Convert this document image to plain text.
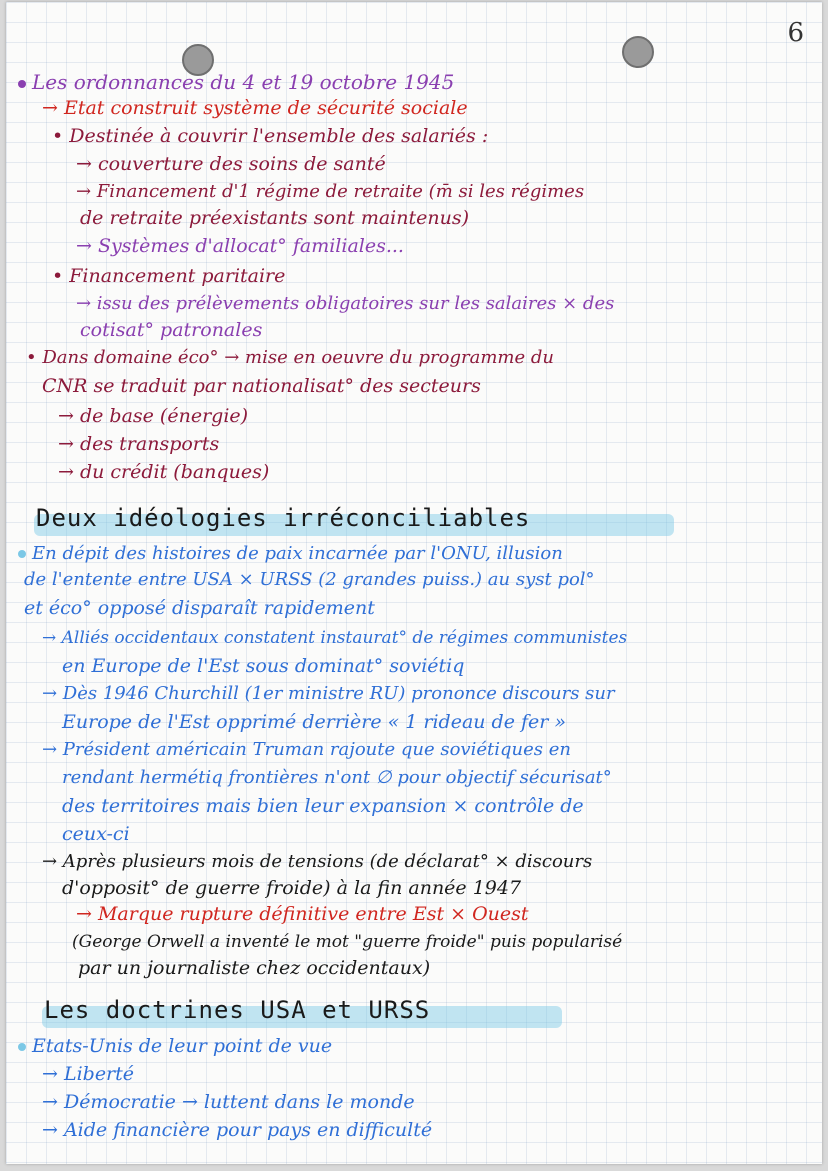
6
Les ordonnances du 4 et 19 octobre 1945
→ Etat construit système de sécurité sociale
• Destinée à couvrir l'ensemble des salariés :
→ couverture des soins de santé
→ Financement d'1 régime de retraite (m̄ si les régimes
de retraite préexistants sont maintenus)
→ Systèmes d'allocat° familiales...
• Financement paritaire
→ issu des prélèvements obligatoires sur les salaires × des
cotisat° patronales
• Dans domaine éco° → mise en oeuvre du programme du
CNR se traduit par nationalisat° des secteurs
→ de base (énergie)
→ des transports
→ du crédit (banques)
Deux idéologies irréconciliables
En dépit des histoires de paix incarnée par l'ONU, illusion
de l'entente entre USA × URSS (2 grandes puiss.) au syst pol°
et éco° opposé disparaît rapidement
→ Alliés occidentaux constatent instaurat° de régimes communistes
en Europe de l'Est sous dominat° soviétiq
→ Dès 1946 Churchill (1er ministre RU) prononce discours sur
Europe de l'Est opprimé derrière « 1 rideau de fer »
→ Président américain Truman rajoute que soviétiques en
rendant hermétiq frontières n'ont ∅ pour objectif sécurisat°
des territoires mais bien leur expansion × contrôle de
ceux-ci
→ Après plusieurs mois de tensions (de déclarat° × discours
d'opposit° de guerre froide) à la fin année 1947
→ Marque rupture définitive entre Est × Ouest
(George Orwell a inventé le mot "guerre froide" puis popularisé
par un journaliste chez occidentaux)
Les doctrines USA et URSS
Etats-Unis de leur point de vue
→ Liberté
→ Démocratie → luttent dans le monde
→ Aide financière pour pays en difficulté
